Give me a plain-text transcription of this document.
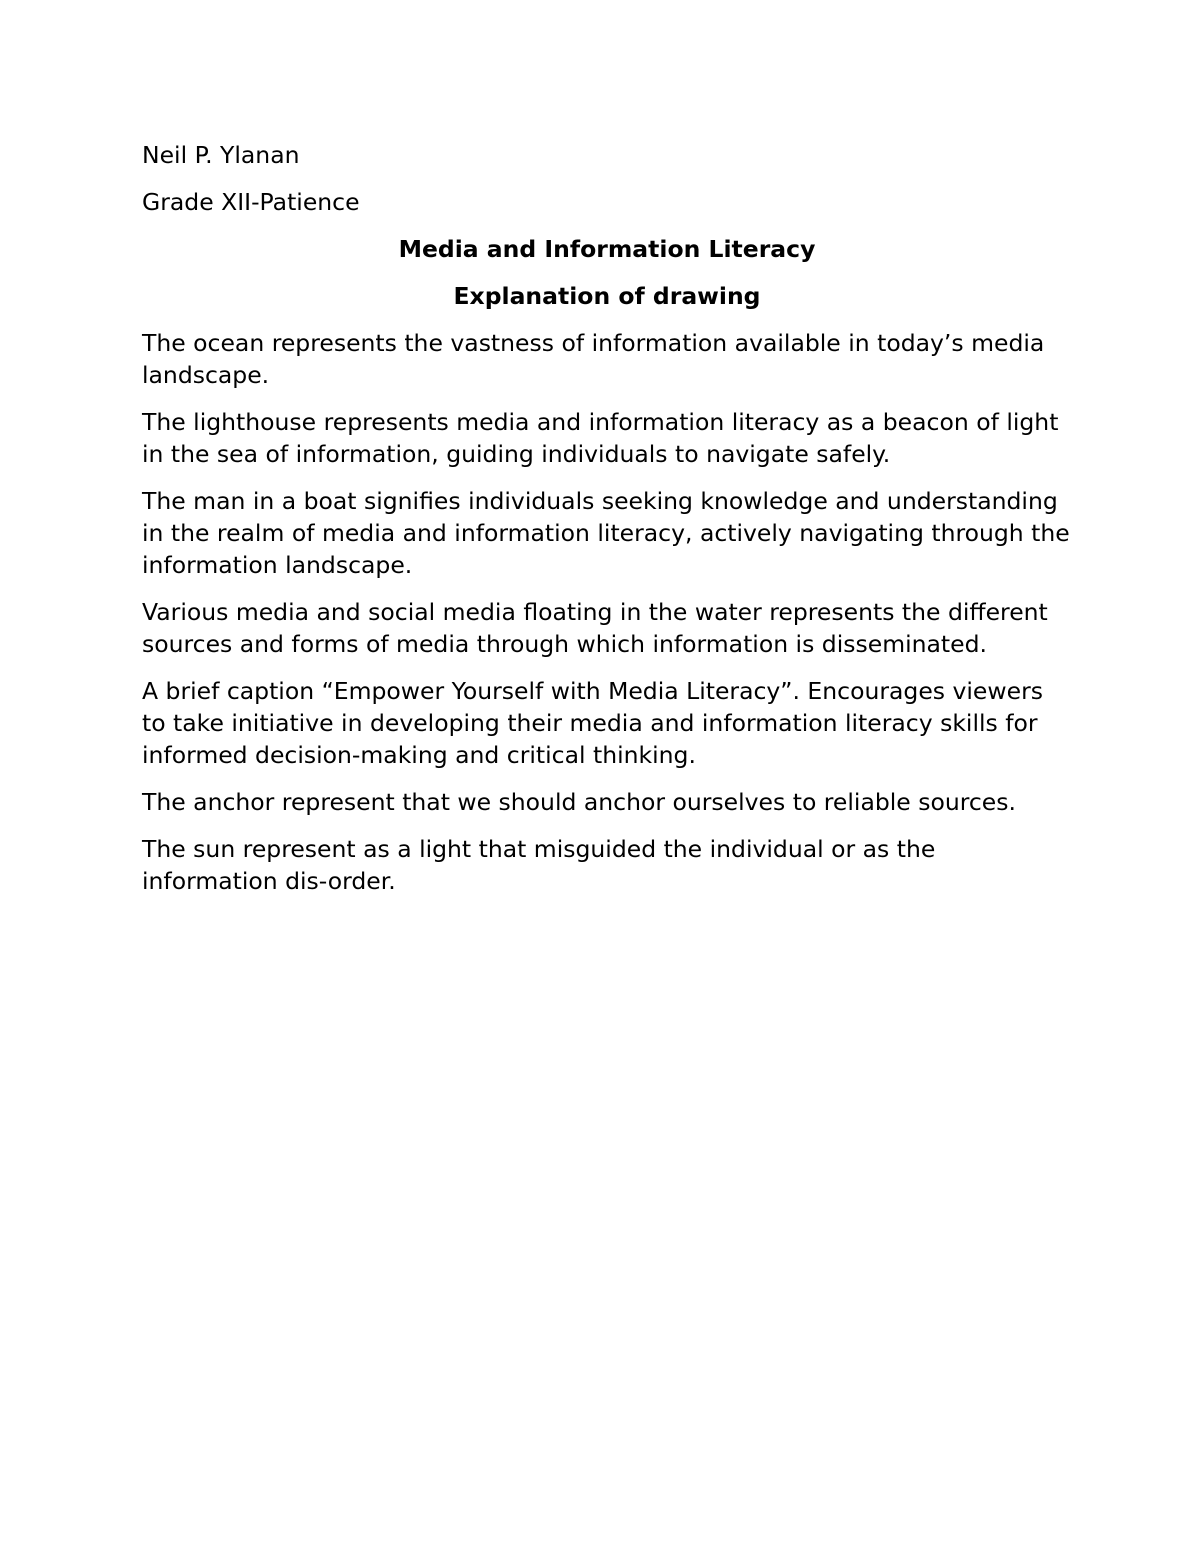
Neil P. Ylanan

Grade XII-Patience

Media and Information Literacy

Explanation of drawing

The ocean represents the vastness of information available in today’s media landscape.

The lighthouse represents media and information literacy as a beacon of light in the sea of information, guiding individuals to navigate safely.

The man in a boat signifies individuals seeking knowledge and understanding in the realm of media and information literacy, actively navigating through the information landscape.

Various media and social media floating in the water represents the different sources and forms of media through which information is disseminated.

A brief caption “Empower Yourself with Media Literacy”. Encourages viewers to take initiative in developing their media and information literacy skills for informed decision-making and critical thinking.

The anchor represent that we should anchor ourselves to reliable sources.

The sun represent as a light that misguided the individual or as the information dis-order.
